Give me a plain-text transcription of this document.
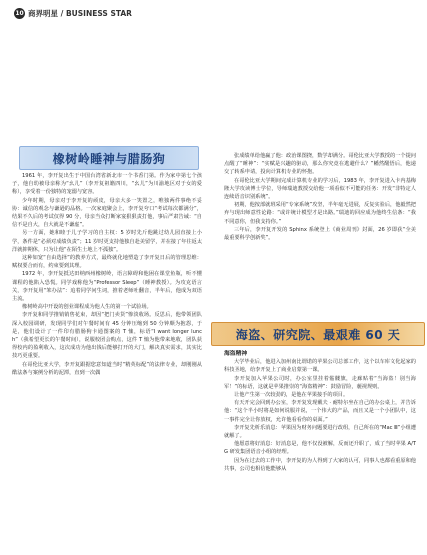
10 商界明星 / BUSINESS STAR
橡树岭睡神与腊肠狗
海盗、研究院、最艰难 60 天

1961 年，李开复出生于中国台湾省新北市一个书香门第。作为家中第七个孩子，他自幼被母亲称为“幺儿”（李开复祖籍四川，“幺儿”为川渝地区对于女的爱称），享受着一份独特的宠溺与宽容。

少年时期，母亲对于李开复的顽皮，母亲大多一笑置之，唯独两件事绝不妥协：诚信的观念与谦逊的品格。一次家庭聚会上，李开复夸口“考试每次都满分”，结果不久后的考试仅得 90 分，母亲当众打断家宴狠狠责打他，事后严肃告诫：“自信不是自大，自大就是不谦虚”。

另一方面，她和睦于儿子学习的自主权：5 岁时先斤他跳过幼儿园直接上小学，条件是“必须对成绩负责”；11 岁时更支持他独自赴美留学，并在接了年往返太洋就抑期休，只为让他“在陌生土地上不孤独”。

这种如宽“自由选择”的教养方式，最终就化地塑造了李开复日后的管理思维：赋权要合而有，约束要到其理。

1972 年，李开复抵达田纳西州橡树岭，语言障碍和他困在课堂鱼瓶，听不懂课程的他陷入恐慌。同学戏称他为“Professor Sleep”（睡神教授）。为攻克语言关，李开复用“笨办法”：追着同学问生词，推着老师吐翻音，半年后，他成为双语主流。

橡树岭高中开设的创业课程成为他人生的第一个试验场。

李开复和同学推销销售花束，却因“把门卖货”惨淡收场。反思后，他带领团队深入校园调研，发现同学们对午餐时间有 45 分钟压缩到 50 分钟颇为抱怨，于是，他们设计了一件印有腊肠狗卡通图案的 T 恤，标语“I want longer lunch”（我希望更长的午餐时间），说服校团会购点，这件 T 恤为他带来地收，团队获得校内的盈利收入，这次成功为他出钱后能够打开的大门，解决真实需求，其实比技巧更重要。

在哥伦比亚大学，李开复跟据您意知道当时“精英标配”的法律专业，却刚刚从酷法条与案例分析的泥潭，直到一次偶

张成绩单给他赢了他：政治课图挠，数学却满分。哥伦比亚大学教授的一个提问点醒了“睡神”：“实赋是兴趣的驱动，那么你究竟在逃避什么？”幡然醒悟后，他递交了转系申请，投向计算机专业的怀抱。

在哥伦比亚大学期间完成计算机专业的学习后，1983 年，李开复进入卡内基梅隆大学攻读博士学位，导师瑞迪教授交给他一项看似不可能的任务：开发“非特定人连续语音识别系统”。

初期，他按部就班采用“专家系统”攻坚，半年毫无进展，反复实验后，他毅然把弃与现出师意性论路：“或许统计模型才是出路。”瑞迪的回应成为他终生信条：“我不同意你，但我支持你。”

三年后，李开复开发的 Sphinx 系统登上《商业周刊》封面，26 岁即获“全美最重要科学创新奖”。

海盗精神

大学毕业后，他进入加州南比谓诺的苹果公司总部工作，这个以车库文化起家的科技圣地，给李开复上了商业启蒙第一课。

李开复加入苹果公司时，办公室里挂着骷髅旗，走廊贴着“当海盗！别当海军！”的标语，这就是苹果推崇的“海盗精神”：鼓励冒险，藐视规则。

让他产生第一次较劲的，是他在苹果接手的项目。

有天开完会回到办公室，李开复发现戴夫 · 耐特尔坐在自己的办公桌上，并告诉他：“这个半小时将是如何说服并说，一个伟大的产品，而且又是一个小团队中，这一事件完全让你放权，允许他看看你的桌面。”

李开复先析乐消息：苹果因为财务问题要进行改组，自己所在的“Mac Ⅲ”小组遭就解了。

他愿意将好消息：好消息是，他不仅没被解，反而还升职了，成了当时苹果 A/TG 研发集团语音小组的经理。

因为在过去的工作中，李开复的为人得到了大家的认可，同事人也都看重原和他共事，公司也相信他能够从
